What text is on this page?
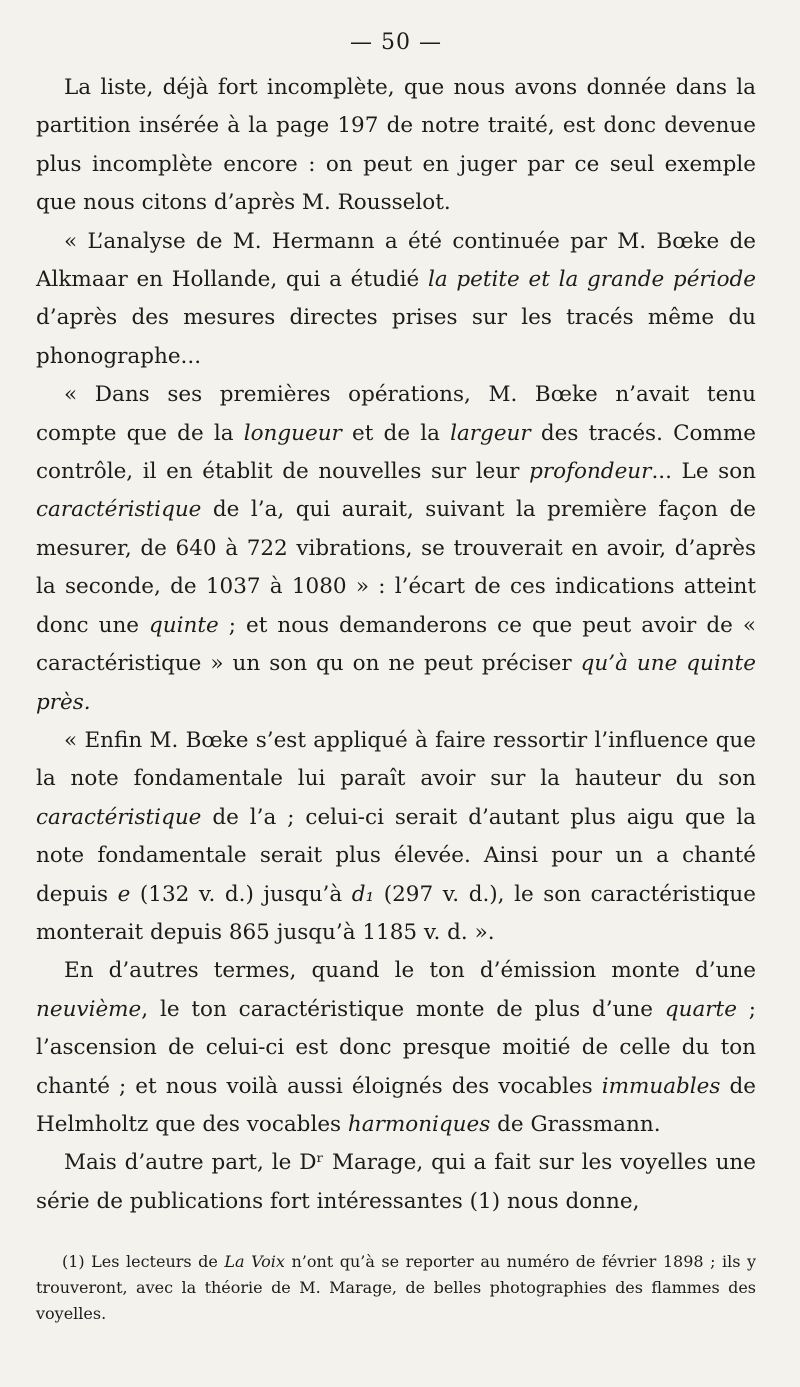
— 50 —

La liste, déjà fort incomplète, que nous avons donnée dans la partition insérée à la page 197 de notre traité, est donc devenue plus incomplète encore : on peut en juger par ce seul exemple que nous citons d’après M. Rousselot.

« L’analyse de M. Hermann a été continuée par M. Bœke de Alkmaar en Hollande, qui a étudié la petite et la grande période d’après des mesures directes prises sur les tracés même du phonographe...

« Dans ses premières opérations, M. Bœke n’avait tenu compte que de la longueur et de la largeur des tracés. Comme contrôle, il en établit de nouvelles sur leur profondeur... Le son caractéristique de l’a, qui aurait, suivant la première façon de mesurer, de 640 à 722 vibrations, se trouverait en avoir, d’après la seconde, de 1037 à 1080 » : l’écart de ces indications atteint donc une quinte ; et nous demanderons ce que peut avoir de « caractéristique » un son qu on ne peut préciser qu’à une quinte près.

« Enfin M. Bœke s’est appliqué à faire ressortir l’influence que la note fondamentale lui paraît avoir sur la hauteur du son caractéristique de l’a ; celui-ci serait d’autant plus aigu que la note fondamentale serait plus élevée. Ainsi pour un a chanté depuis e (132 v. d.) jusqu’à d₁ (297 v. d.), le son caractéristique monterait depuis 865 jusqu’à 1185 v. d. ».

En d’autres termes, quand le ton d’émission monte d’une neuvième, le ton caractéristique monte de plus d’une quarte ; l’ascension de celui-ci est donc presque moitié de celle du ton chanté ; et nous voilà aussi éloignés des vocables immuables de Helmholtz que des vocables harmoniques de Grassmann.

Mais d’autre part, le Dʳ Marage, qui a fait sur les voyelles une série de publications fort intéressantes (1) nous donne,

(1) Les lecteurs de La Voix n’ont qu’à se reporter au numéro de février 1898 ; ils y trouveront, avec la théorie de M. Marage, de belles photographies des flammes des voyelles.
